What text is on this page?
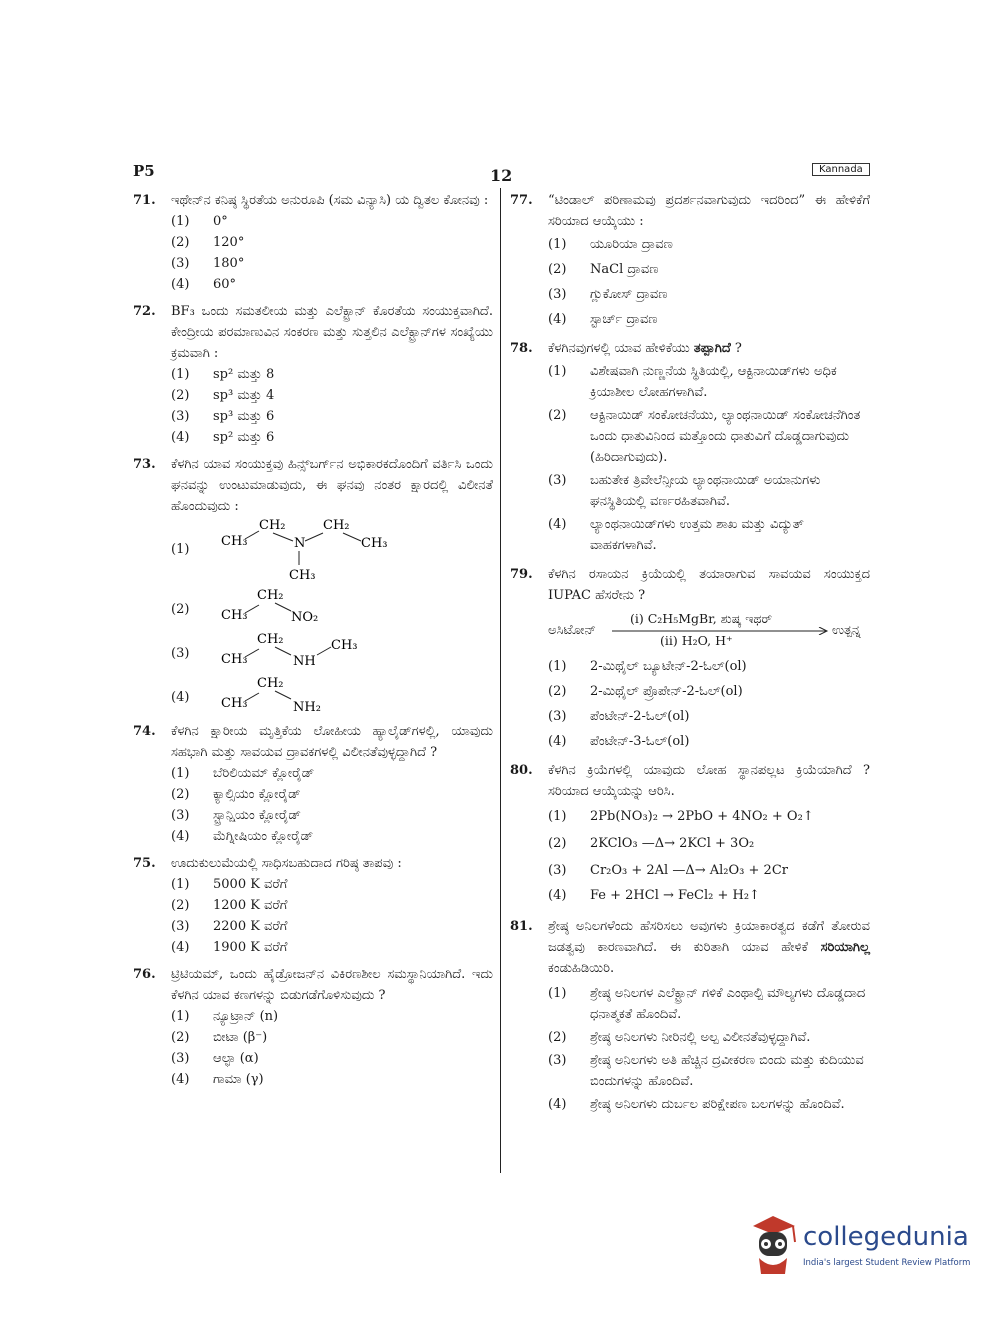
P5	12	Kannada
71. ಇಥೇನ್‌ನ ಕನಿಷ್ಠ ಸ್ಥಿರತೆಯ ಅನುರೂಪಿ (ಸಮ ವಿನ್ಯಾಸಿ) ಯ ದ್ವಿತಲ ಕೋನವು :
(1) 0°
(2) 120°
(3) 180°
(4) 60°
72. BF₃ ಒಂದು ಸಮತಲೀಯ ಮತ್ತು ಎಲೆಕ್ಟ್ರಾನ್ ಕೊರತೆಯ ಸಂಯುಕ್ತವಾಗಿದೆ. ಕೇಂದ್ರೀಯ ಪರಮಾಣುವಿನ ಸಂಕರಣ ಮತ್ತು ಸುತ್ತಲಿನ ಎಲೆಕ್ಟ್ರಾನ್‌ಗಳ ಸಂಖ್ಯೆಯು ಕ್ರಮವಾಗಿ :
(1) sp² ಮತ್ತು 8
(2) sp³ ಮತ್ತು 4
(3) sp³ ಮತ್ತು 6
(4) sp² ಮತ್ತು 6
73. ಕೆಳಗಿನ ಯಾವ ಸಂಯುಕ್ತವು ಹಿನ್ಸ್‌ಬರ್ಗ್‌ನ ಅಭಿಕಾರಕದೊಂದಿಗೆ ವರ್ತಿಸಿ ಒಂದು ಘನವನ್ನು ಉಂಟುಮಾಡುವುದು, ಈ ಘನವು ನಂತರ ಕ್ಷಾರದಲ್ಲಿ ವಿಲೀನತೆ ಹೊಂದುವುದು :
(1)
CH₃
CH₂
N
CH₂
CH₃
CH₃
(2) CH₃
CH₂
NO₂
(3) CH₃
CH₂
NH
CH₃
(4) CH₃
CH₂
NH₂
74. ಕೆಳಗಿನ ಕ್ಷಾರೀಯ ಮೃತ್ತಿಕೆಯ ಲೋಹೀಯ ಹ್ಯಾಲೈಡ್‌ಗಳಲ್ಲಿ, ಯಾವುದು ಸಹಭಾಗಿ ಮತ್ತು ಸಾವಯವ ದ್ರಾವಕಗಳಲ್ಲಿ ವಿಲೀನತೆವುಳ್ಳದ್ದಾಗಿದೆ ?
(1) ಬೆರಿಲಿಯಮ್ ಕ್ಲೋರೈಡ್
(2) ಕ್ಯಾಲ್ಸಿಯಂ ಕ್ಲೋರೈಡ್
(3) ಸ್ಟ್ರಾನ್ಷಿಯಂ ಕ್ಲೋರೈಡ್
(4) ಮೆಗ್ನೀಷಿಯಂ ಕ್ಲೋರೈಡ್
75. ಊದುಕುಲುಮೆಯಲ್ಲಿ ಸಾಧಿಸಬಹುದಾದ ಗರಿಷ್ಠ ತಾಪವು :
(1) 5000 K ವರೆಗೆ
(2) 1200 K ವರೆಗೆ
(3) 2200 K ವರೆಗೆ
(4) 1900 K ವರೆಗೆ
76. ಟ್ರಿಟಿಯಮ್, ಒಂದು ಹೈಡ್ರೋಜನ್‌ನ ವಿಕಿರಣಶೀಲ ಸಮಸ್ಥಾನಿಯಾಗಿದೆ. ಇದು ಕೆಳಗಿನ ಯಾವ ಕಣಗಳನ್ನು ಬಿಡುಗಡೆಗೊಳಿಸುವುದು ?
(1) ನ್ಯೂಟ್ರಾನ್ (n)
(2) ಬೀಟಾ (β⁻)
(3) ಆಲ್ಫಾ (α)
(4) ಗಾಮಾ (γ)
77. “ಟಿಂಡಾಲ್ ಪರಿಣಾಮವು ಪ್ರದರ್ಶನವಾಗುವುದು ಇದರಿಂದ” ಈ ಹೇಳಿಕೆಗೆ ಸರಿಯಾದ ಆಯ್ಕೆಯು :
(1) ಯೂರಿಯಾ ದ್ರಾವಣ
(2) NaCl ದ್ರಾವಣ
(3) ಗ್ಲುಕೋಸ್ ದ್ರಾವಣ
(4) ಸ್ಟಾರ್ಚ್ ದ್ರಾವಣ
78. ಕೆಳಗಿನವುಗಳಲ್ಲಿ ಯಾವ ಹೇಳಿಕೆಯು ತಪ್ಪಾಗಿದೆ ?
(1) ವಿಶೇಷವಾಗಿ ನುಣ್ಣನೆಯ ಸ್ಥಿತಿಯಲ್ಲಿ, ಆಕ್ಟಿನಾಯಿಡ್‌ಗಳು ಅಧಿಕ ಕ್ರಿಯಾಶೀಲ ಲೋಹಗಳಾಗಿವೆ.
(2) ಆಕ್ಟಿನಾಯಿಡ್ ಸಂಕೋಚನೆಯು, ಲ್ಯಾಂಥನಾಯಿಡ್ ಸಂಕೋಚನೆಗಿಂತ ಒಂದು ಧಾತುವಿನಿಂದ ಮತ್ತೊಂದು ಧಾತುವಿಗೆ ದೊಡ್ಡದಾಗುವುದು (ಹಿರಿದಾಗುವುದು).
(3) ಬಹುತೇಕ ತ್ರಿವೇಲೆನ್ಸೀಯ ಲ್ಯಾಂಥನಾಯಿಡ್ ಅಯಾನುಗಳು ಘನಸ್ಥಿತಿಯಲ್ಲಿ ವರ್ಣರಹಿತವಾಗಿವೆ.
(4) ಲ್ಯಾಂಥನಾಯಿಡ್‌ಗಳು ಉತ್ತಮ ಶಾಖ ಮತ್ತು ವಿದ್ಯುತ್ ವಾಹಕಗಳಾಗಿವೆ.
79. ಕೆಳಗಿನ ರಸಾಯನ ಕ್ರಿಯೆಯಲ್ಲಿ ತಯಾರಾಗುವ ಸಾವಯವ ಸಂಯುಕ್ತದ IUPAC ಹೆಸರೇನು ?
ಅಸಿಟೋನ್
(i) C₂H₅MgBr, ಶುಷ್ಕ ಇಥರ್
(ii) H₂O, H⁺
ಉತ್ಪನ್ನ
(1) 2-ಮಿಥೈಲ್ ಬ್ಯೂಟೇನ್-2-ಓಲ್(ol)
(2) 2-ಮಿಥೈಲ್ ಪ್ರೊಪೇನ್-2-ಓಲ್(ol)
(3) ಪೆಂಟೇನ್-2-ಓಲ್(ol)
(4) ಪೆಂಟೇನ್-3-ಓಲ್(ol)
80. ಕೆಳಗಿನ ಕ್ರಿಯೆಗಳಲ್ಲಿ ಯಾವುದು ಲೋಹ ಸ್ಥಾನಪಲ್ಲಟ ಕ್ರಿಯೆಯಾಗಿದೆ ? ಸರಿಯಾದ ಆಯ್ಕೆಯನ್ನು ಆರಿಸಿ.
(1) 2Pb(NO₃)₂ → 2PbO + 4NO₂ + O₂↑
(2) 2KClO₃ —Δ→ 2KCl + 3O₂
(3) Cr₂O₃ + 2Al —Δ→ Al₂O₃ + 2Cr
(4) Fe + 2HCl → FeCl₂ + H₂↑
81. ಶ್ರೇಷ್ಠ ಅನಿಲಗಳೆಂದು ಹೆಸರಿಸಲು ಅವುಗಳು ಕ್ರಿಯಾಕಾರತ್ವದ ಕಡೆಗೆ ತೋರುವ ಜಡತ್ವವು ಕಾರಣವಾಗಿದೆ. ಈ ಕುರಿತಾಗಿ ಯಾವ ಹೇಳಿಕೆ ಸರಿಯಾಗಿಲ್ಲ ಕಂಡುಹಿಡಿಯಿರಿ.
(1) ಶ್ರೇಷ್ಠ ಅನಿಲಗಳ ಎಲೆಕ್ಟ್ರಾನ್ ಗಳಿಕೆ ಎಂಥಾಲ್ಪಿ ಮೌಲ್ಯಗಳು ದೊಡ್ಡದಾದ ಧನಾತ್ಮಕತೆ ಹೊಂದಿವೆ.
(2) ಶ್ರೇಷ್ಠ ಅನಿಲಗಳು ನೀರಿನಲ್ಲಿ ಅಲ್ಪ ವಿಲೀನತೆವುಳ್ಳದ್ದಾಗಿವೆ.
(3) ಶ್ರೇಷ್ಠ ಅನಿಲಗಳು ಅತಿ ಹೆಚ್ಚಿನ ದ್ರವೀಕರಣ ಬಿಂದು ಮತ್ತು ಕುದಿಯುವ ಬಿಂದುಗಳನ್ನು ಹೊಂದಿವೆ.
(4) ಶ್ರೇಷ್ಠ ಅನಿಲಗಳು ದುರ್ಬಲ ಪರಿಕ್ಷೇಪಣ ಬಲಗಳನ್ನು ಹೊಂದಿವೆ.
collegedunia
India's largest Student Review Platform
